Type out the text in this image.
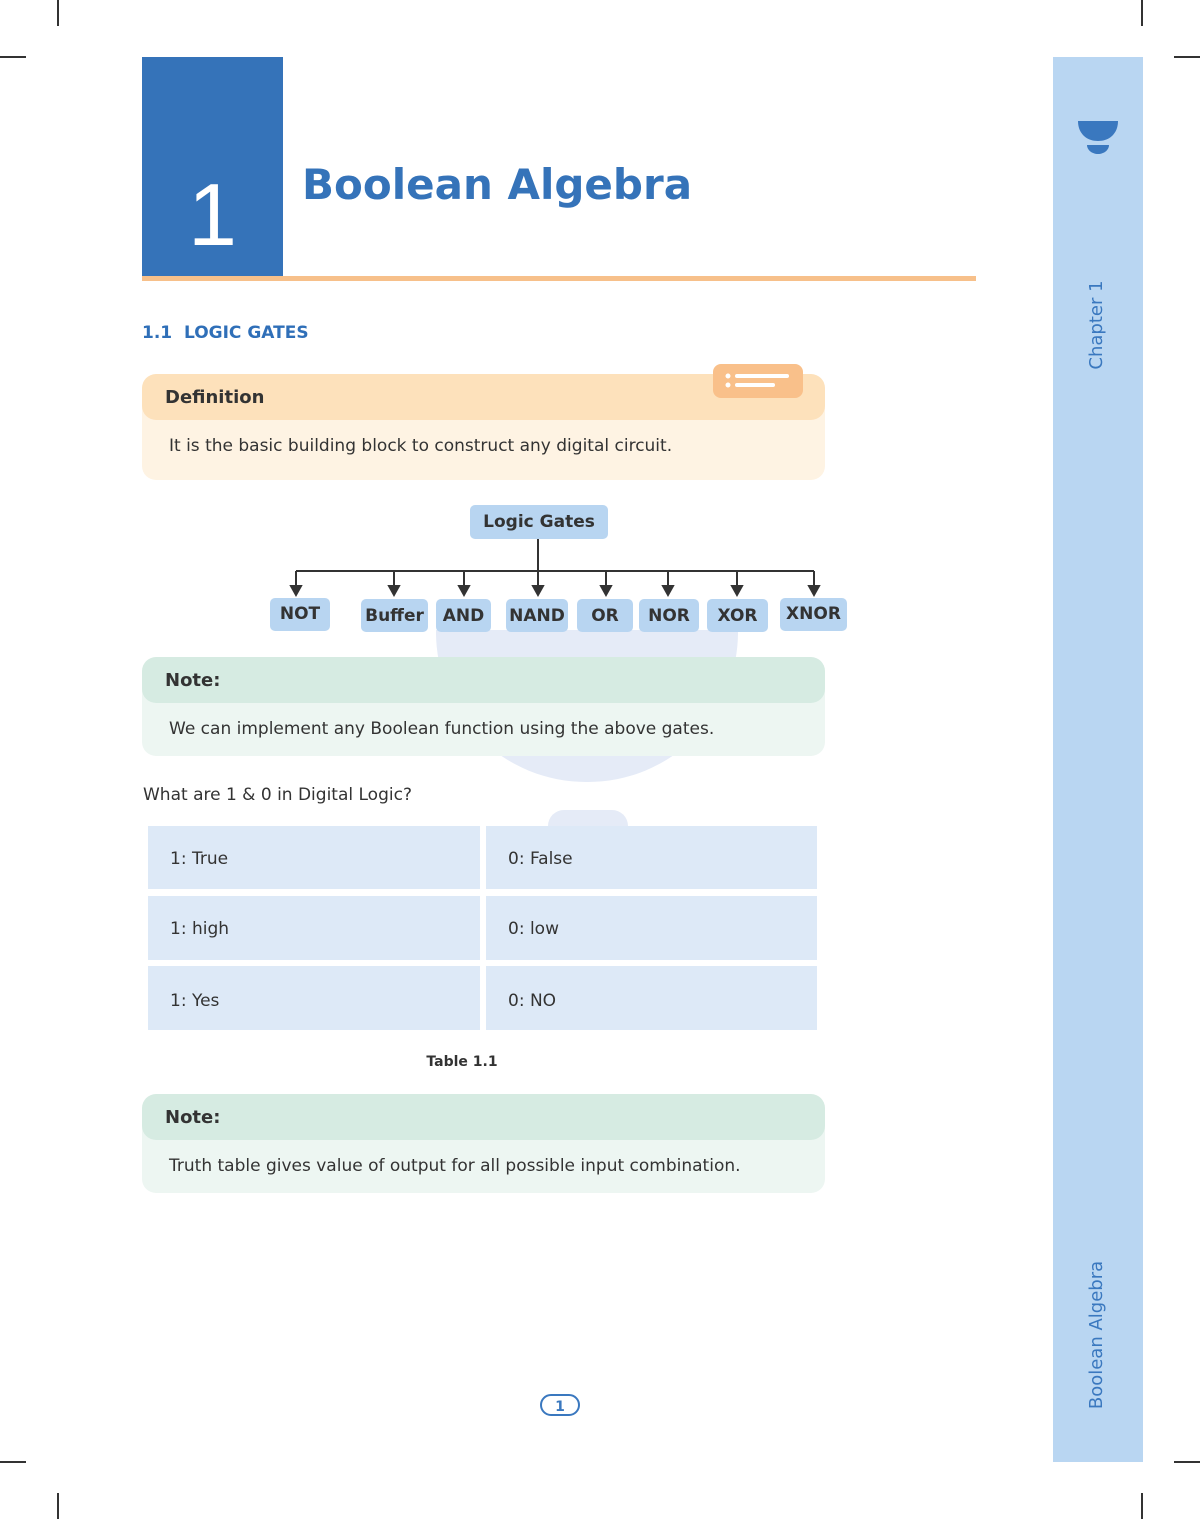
Chapter 1
Boolean Algebra
1	Boolean Algebra
1.1 LOGIC GATES
Definition
It is the basic building block to construct any digital circuit.
Logic Gates
NOT	Buffer	AND	NAND	OR	NOR	XOR	XNOR
Note:
We can implement any Boolean function using the above gates.
What are 1 & 0 in Digital Logic?
1: True	0: False
1: high	0: low
1: Yes	0: NO
Table 1.1
Note:
Truth table gives value of output for all possible input combination.
1
